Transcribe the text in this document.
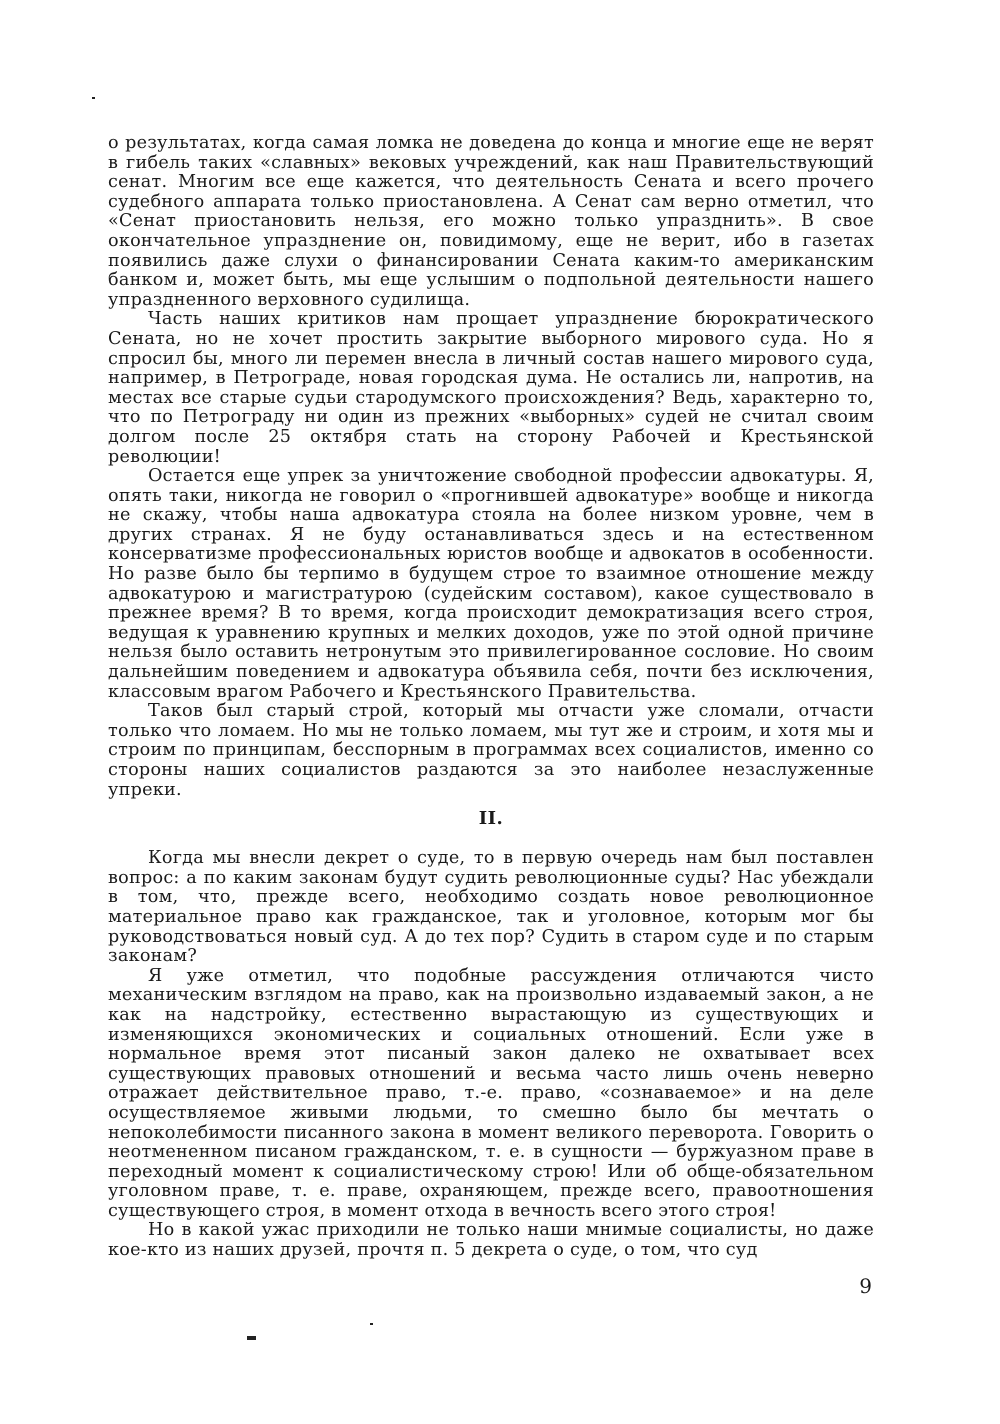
о результатах, когда самая ломка не доведена до конца и многие еще не верят в гибель таких «славных» вековых учреждений, как наш Правительствующий сенат. Многим все еще кажется, что деятельность Сената и всего прочего судебного аппарата только приостановлена. А Сенат сам верно отметил, что «Сенат приостановить нельзя, его можно только упразднить». В свое окончательное упразднение он, повидимому, еще не верит, ибо в газетах появились даже слухи о финансировании Сената каким-то американским банком и, может быть, мы еще услышим о подпольной деятельности нашего упраздненного верховного судилища.

Часть наших критиков нам прощает упразднение бюрократического Сената, но не хочет простить закрытие выборного мирового суда. Но я спросил бы, много ли перемен внесла в личный состав нашего мирового суда, например, в Петрограде, новая городская дума. Не остались ли, напротив, на местах все старые судьи стародумского происхождения? Ведь, характерно то, что по Петрограду ни один из прежних «выборных» судей не считал своим долгом после 25 октября стать на сторону Рабочей и Крестьянской революции!

Остается еще упрек за уничтожение свободной профессии адвокатуры. Я, опять таки, никогда не говорил о «прогнившей адвокатуре» вообще и никогда не скажу, чтобы наша адвокатура стояла на более низком уровне, чем в других странах. Я не буду останавливаться здесь и на естественном консерватизме профессиональных юристов вообще и адвокатов в особенности. Но разве было бы терпимо в будущем строе то взаимное отношение между адвокатурою и магистратурою (судейским составом), какое существовало в прежнее время? В то время, когда происходит демократизация всего строя, ведущая к уравнению крупных и мелких доходов, уже по этой одной причине нельзя было оставить нетронутым это привилегированное сословие. Но своим дальнейшим поведением и адвокатура объявила себя, почти без исключения, классовым врагом Рабочего и Крестьянского Правительства.

Таков был старый строй, который мы отчасти уже сломали, отчасти только что ломаем. Но мы не только ломаем, мы тут же и строим, и хотя мы и строим по принципам, бесспорным в программах всех социалистов, именно со стороны наших социалистов раздаются за это наиболее незаслуженные упреки.

II.

Когда мы внесли декрет о суде, то в первую очередь нам был поставлен вопрос: а по каким законам будут судить революционные суды? Нас убеждали в том, что, прежде всего, необходимо создать новое революционное материальное право как гражданское, так и уголовное, которым мог бы руководствоваться новый суд. А до тех пор? Судить в старом суде и по старым законам?

Я уже отметил, что подобные рассуждения отличаются чисто механическим взглядом на право, как на произвольно издаваемый закон, а не как на надстройку, естественно вырастающую из существующих и изменяющихся экономических и социальных отношений. Если уже в нормальное время этот писаный закон далеко не охватывает всех существующих правовых отношений и весьма часто лишь очень неверно отражает действительное право, т.-е. право, «сознаваемое» и на деле осуществляемое живыми людьми, то смешно было бы мечтать о непоколебимости писанного закона в момент великого переворота. Говорить о неотмененном писаном гражданском, т. е. в сущности — буржуазном праве в переходный момент к социалистическому строю! Или об обще-обязательном уголовном праве, т. е. праве, охраняющем, прежде всего, правоотношения существующего строя, в момент отхода в вечность всего этого строя!

Но в какой ужас приходили не только наши мнимые социалисты, но даже кое-кто из наших друзей, прочтя п. 5 декрета о суде, о том, что суд

9
